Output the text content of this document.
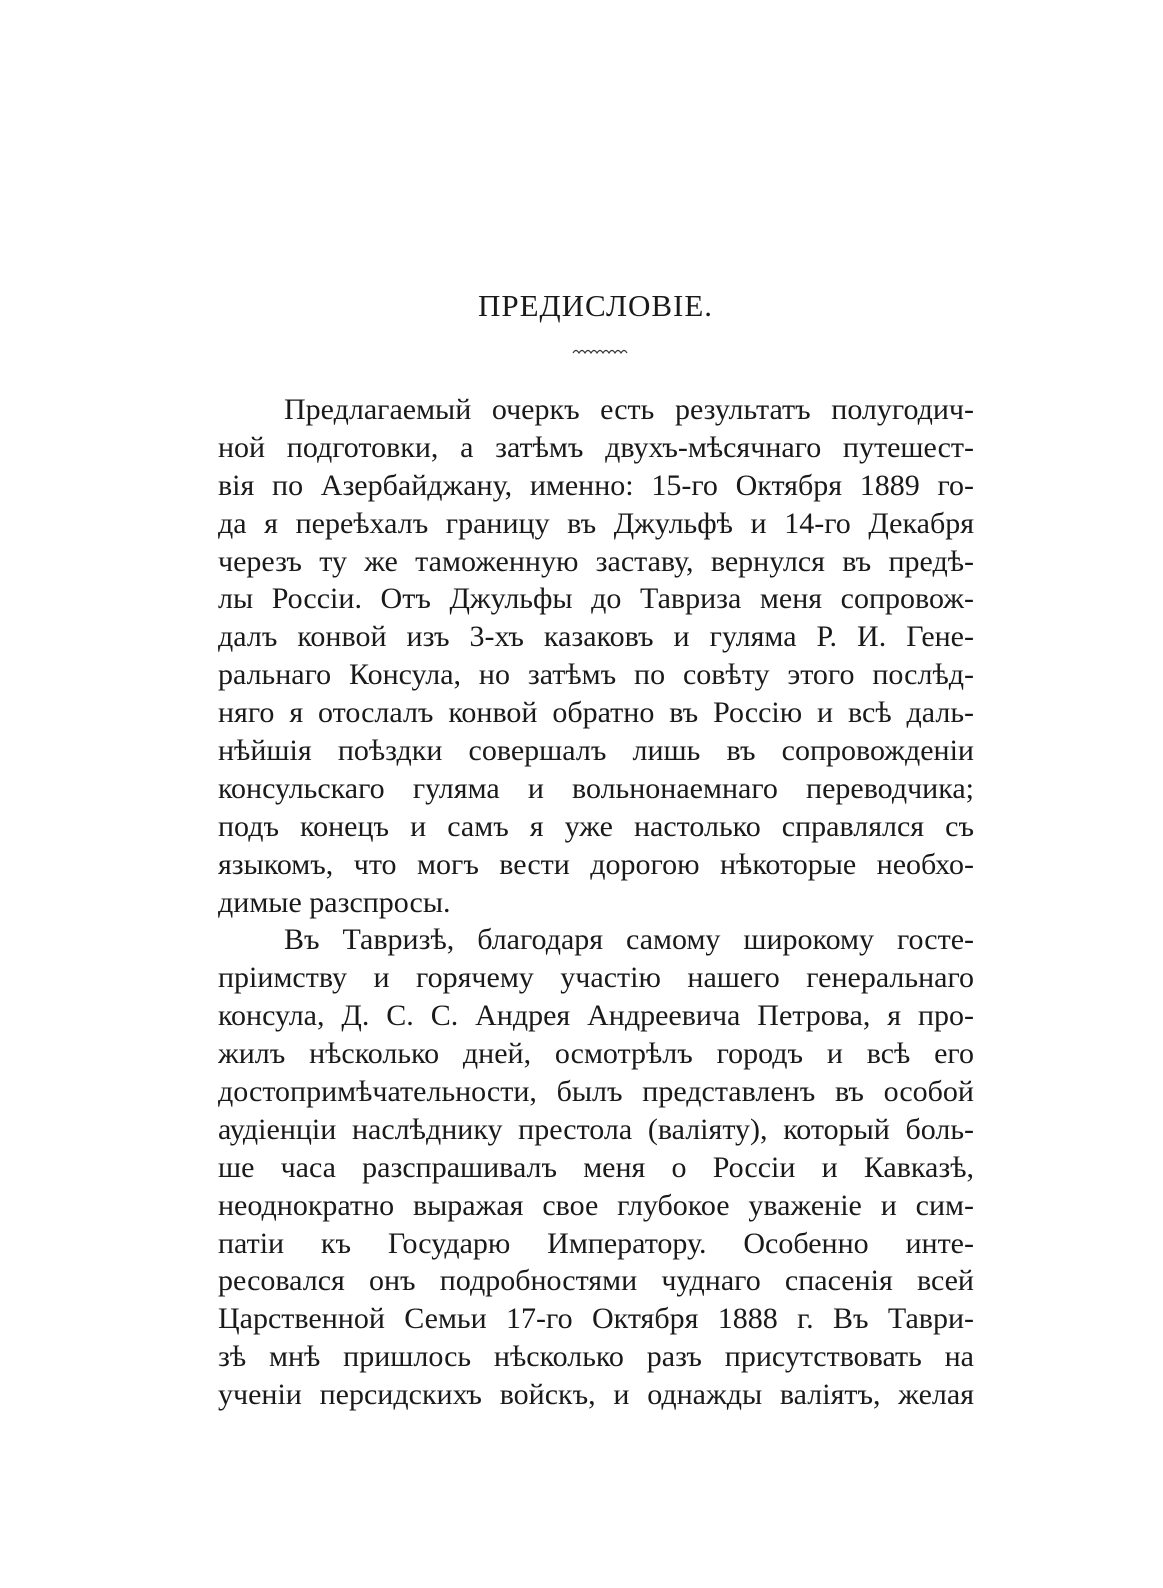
ПРЕДИСЛОВІЕ.
Предлагаемый очеркъ есть результатъ полугодич-
ной подготовки, а затѣмъ двухъ-мѣсячнаго путешест-
вія по Азербайджану, именно: 15-го Октября 1889 го-
да я переѣхалъ границу въ Джульфѣ и 14-го Декабря
черезъ ту же таможенную заставу, вернулся въ предѣ-
лы Россіи. Отъ Джульфы до Тавриза меня сопровож-
далъ конвой изъ 3-хъ казаковъ и гуляма Р. И. Гене-
ральнаго Консула, но затѣмъ по совѣту этого послѣд-
няго я отослалъ конвой обратно въ Россію и всѣ даль-
нѣйшія поѣздки совершалъ лишь въ сопровожденіи
консульскаго гуляма и вольнонаемнаго переводчика;
подъ конецъ и самъ я уже настолько справлялся съ
языкомъ, что могъ вести дорогою нѣкоторые необхо-
димые разспросы.
Въ Тавризѣ, благодаря самому широкому госте-
пріимству и горячему участію нашего генеральнаго
консула, Д. С. С. Андрея Андреевича Петрова, я про-
жилъ нѣсколько дней, осмотрѣлъ городъ и всѣ его
достопримѣчательности, былъ представленъ въ особой
аудіенціи наслѣднику престола (валіяту), который боль-
ше часа разспрашивалъ меня о Россіи и Кавказѣ,
неоднократно выражая свое глубокое уваженіе и сим-
патіи къ Государю Императору. Особенно инте-
ресовался онъ подробностями чуднаго спасенія всей
Царственной Семьи 17-го Октября 1888 г. Въ Таври-
зѣ мнѣ пришлось нѣсколько разъ присутствовать на
ученіи персидскихъ войскъ, и однажды валіятъ, желая
